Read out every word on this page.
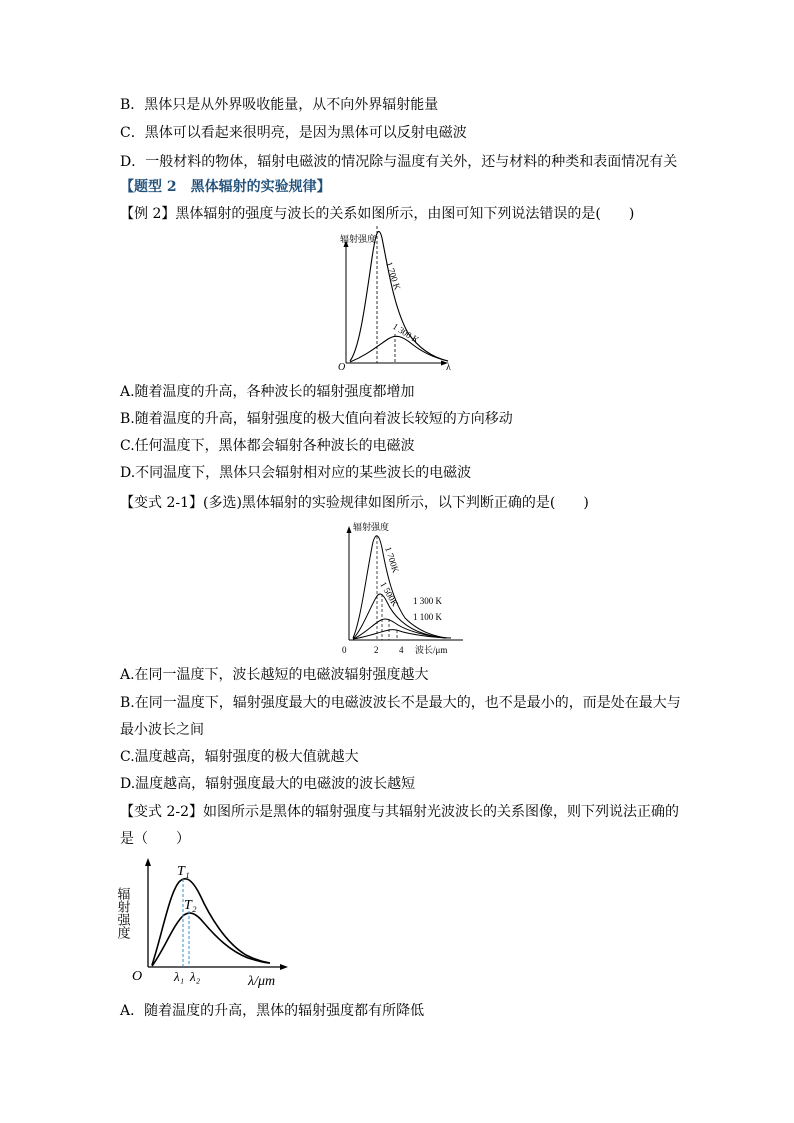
B．黑体只是从外界吸收能量，从不向外界辐射能量
C．黑体可以看起来很明亮，是因为黑体可以反射电磁波
D．一般材料的物体，辐射电磁波的情况除与温度有关外，还与材料的种类和表面情况有关
【题型 2　黑体辐射的实验规律】
【例 2】黑体辐射的强度与波长的关系如图所示，由图可知下列说法错误的是(　　)
辐射强度
O	λ
1 700 K
1 300 K
A.随着温度的升高，各种波长的辐射强度都增加
B.随着温度的升高，辐射强度的极大值向着波长较短的方向移动
C.任何温度下，黑体都会辐射各种波长的电磁波
D.不同温度下，黑体只会辐射相对应的某些波长的电磁波
【变式 2-1】(多选)黑体辐射的实验规律如图所示，以下判断正确的是(　　)
辐射强度
0	2 4 波长/μm
1 700K
1 500K 1 300 K
1 100 K
A.在同一温度下，波长越短的电磁波辐射强度越大
B.在同一温度下，辐射强度最大的电磁波波长不是最大的，也不是最小的，而是处在最大与
最小波长之间
C.温度越高，辐射强度的极大值就越大
D.温度越高，辐射强度最大的电磁波的波长越短
【变式 2-2】如图所示是黑体的辐射强度与其辐射光波波长的关系图像，则下列说法正确的
是（　　）
辐射强度
O	λ/μm
T₁
T₂
λ₁ λ₂
A．随着温度的升高，黑体的辐射强度都有所降低
